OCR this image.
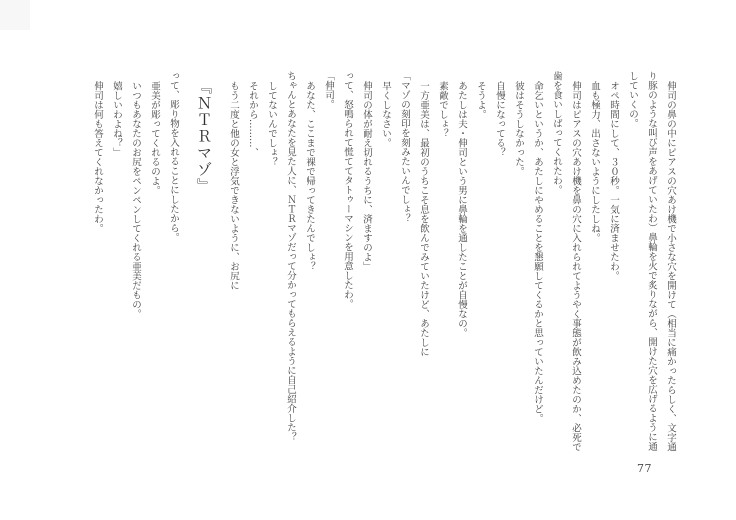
伸司の鼻の中にピアスの穴あけ機で小さな穴を開けて（相当に痛かったらしく、文字通り豚のような叫び声をあげていたわ）鼻輪を火で炙りながら、開けた穴を広げるように通していくの。

オペ時間にして、３０秒。一気に済ませたわ。

血も極力、出さないようにしたしね。

伸司はピアスの穴あけ機を鼻の穴に入れられてようやく事態が飲み込めたのか、必死で歯を食いしばってくれたわ。

命乞いというか、あたしにやめることを懇願してくるかと思っていたんだけど。

彼はそうしなかった。

自慢になってる？

そうよ。

あたしは夫・伸司という男に鼻輪を通したことが自慢なの。

素敵でしょ？

一方亜美は、最初のうちこそ息を飲んでみていたけど、あたしに

「マゾの刻印を刻みたいんでしょ？

早くしなさい。

伸司の体が耐え切れるうちに、済ますのよ」

って、怒鳴られて慌ててタトゥーマシンを用意したわ。

「伸司。

あなた、ここまで裸で帰ってきたんでしょ？

ちゃんとあなたを見た人に、ＮＴＲマゾだって分かってもらえるように自己紹介した？

してないんでしょ？

それから………、

もう二度と他の女と浮気できないように、お尻に

『ＮＴＲマゾ』

って、彫り物を入れることにしたから。

亜美が彫ってくれるのよ。

いつもあなたのお尻をペンペンしてくれる亜美だもの。

嬉しいわよね？」

伸司は何も答えてくれなかったわ。

77
